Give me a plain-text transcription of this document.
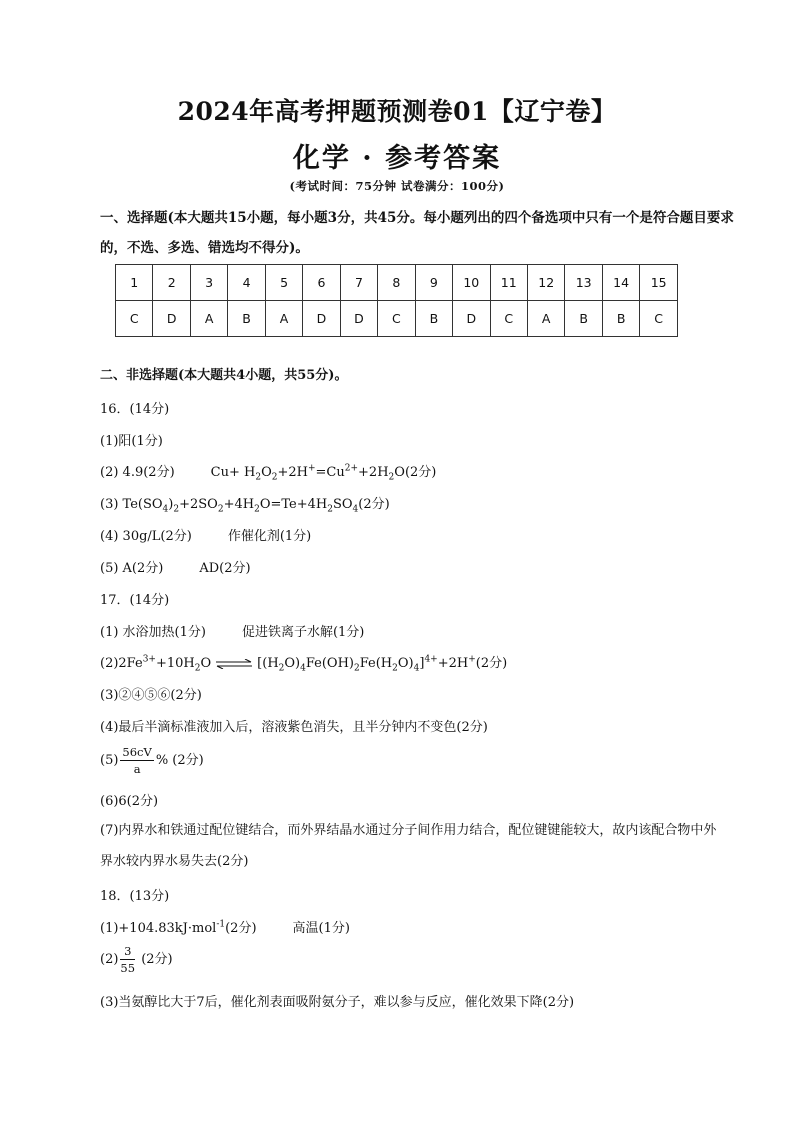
2024年高考押题预测卷01【辽宁卷】
化学 · 参考答案
(考试时间：75分钟 试卷满分：100分)
一、选择题(本大题共15小题，每小题3分，共45分。每小题列出的四个备选项中只有一个是符合题目要求的，不选、多选、错选均不得分)。
1	2	3	4	5	6	7	8	9	10	11	12	13	14	15
C	D	A	B	A	D	D	C	B	D	C	A	B	B	C
二、非选择题(本大题共4小题，共55分)。
16．(14分)
(1)阳(1分)
(2) 4.9(2分)	$Cu+ H_2O_2+2H^+=Cu^{2+}+2H_2O(2$分)
(3) $Te(SO_4)_2+2SO_2+4H_2O=Te+4H_2SO_4(2$分)
(4) 30g/L(2分)	作催化剂(1分)
(5) A(2分)	AD(2分)
17．(14分)
(1) 水浴加热(1分)	促进铁离子水解(1分)
$(2)2Fe^{3+}+10H_2O$ ⇌ $[(H_2O)_4Fe(OH)_2Fe(H_2O)_4]^{4+}+2H^+(2$分)
(3)②④⑤⑥(2分)
(4)最后半滴标准液加入后，溶液紫色消失，且半分钟内不变色(2分)
$(5) \frac{56cV}{a}$ % (2分)
(6)6(2分)
(7)内界水和铁通过配位键结合，而外界结晶水通过分子间作用力结合，配位键键能较大，故内该配合物中外界水较内界水易失去(2分)
18．(13分)
(1)+104.83kJ·mol$^{-1}$(2分)	高温(1分)
$(2) \frac{3}{55} (2$分)
(3)当氨醇比大于7后，催化剂表面吸附氨分子，难以参与反应，催化效果下降(2分)
